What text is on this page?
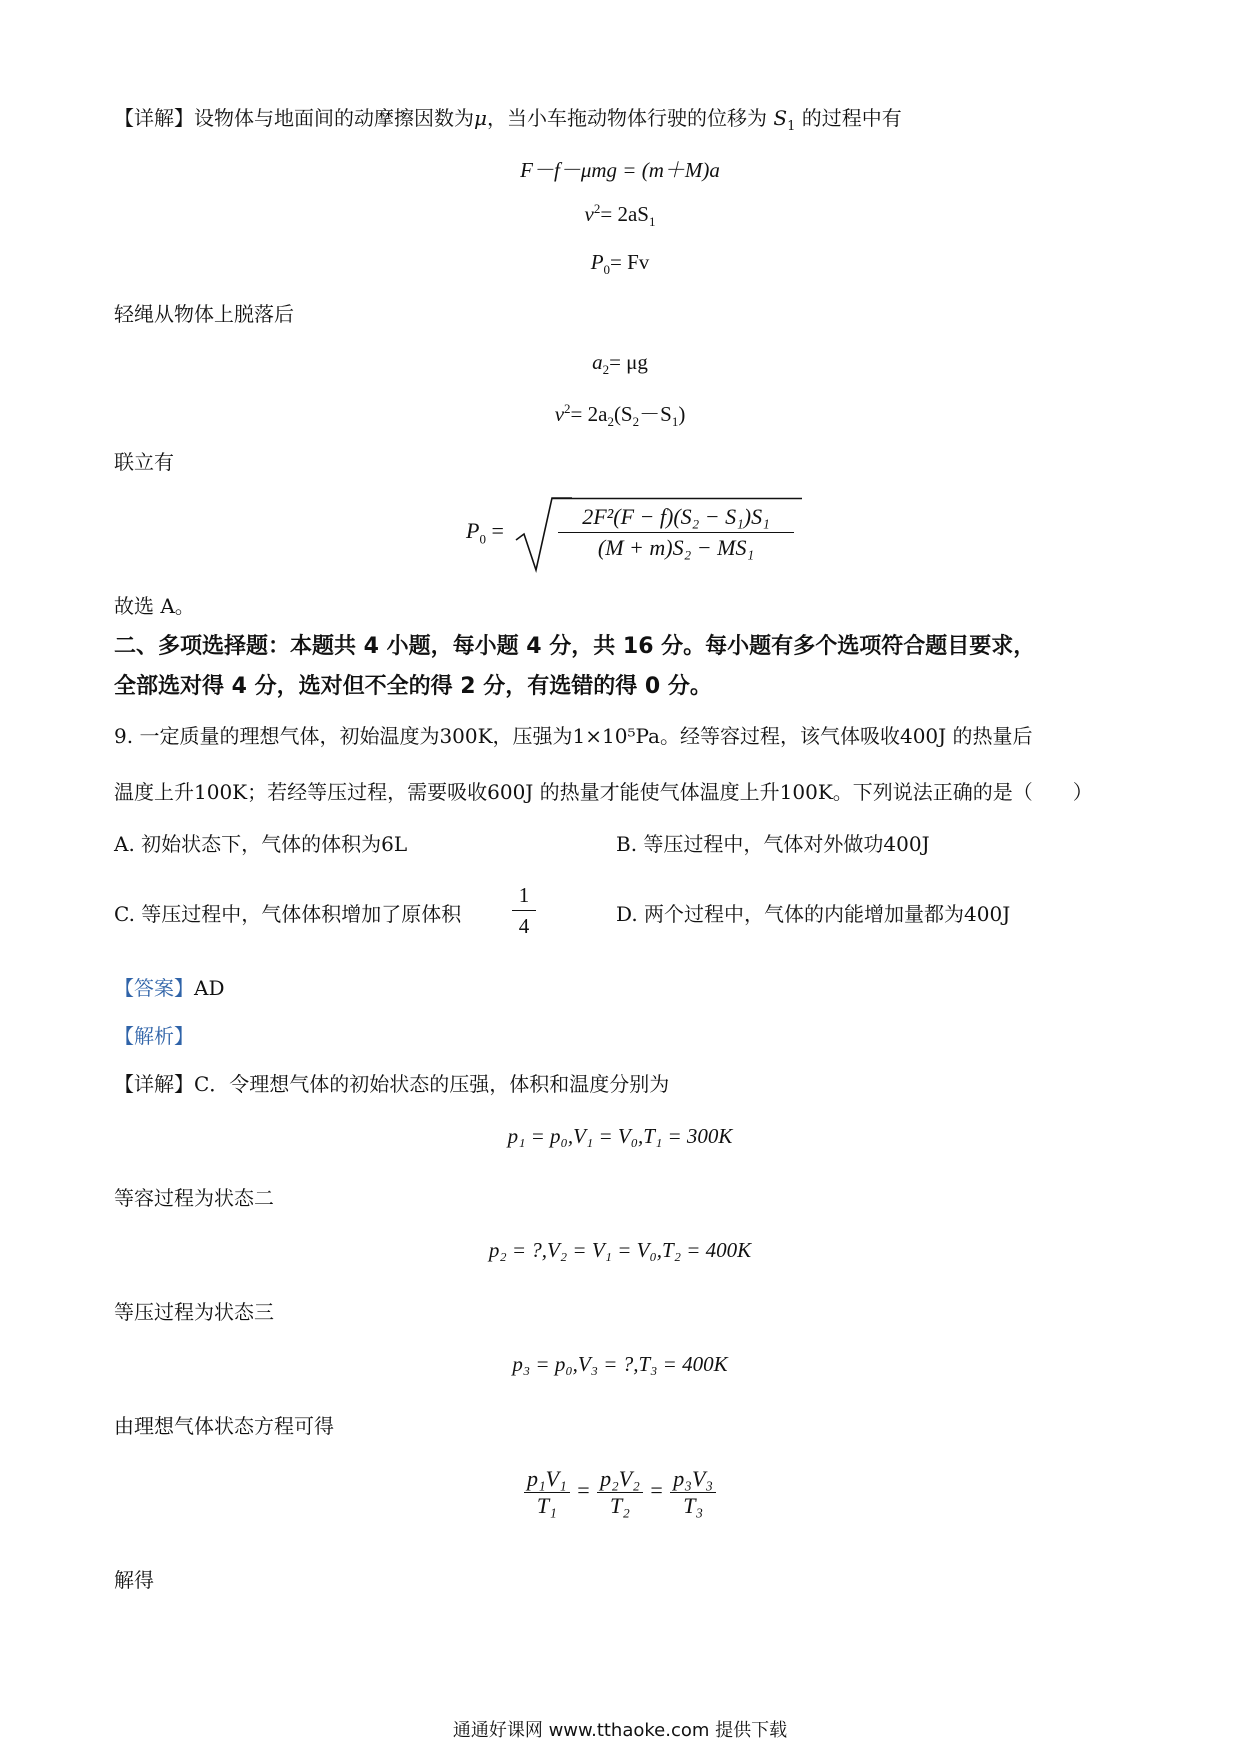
【详解】设物体与地面间的动摩擦因数为μ，当小车拖动物体行驶的位移为 $S_1$ 的过程中有
F－f－μmg = (m＋M)a
$v^2= 2aS_1$
$P_0= Fv$
轻绳从物体上脱落后
$a_2= \mu g$
$v^2= 2a_2(S_2-S_1)$
联立有
$P_0$ =
2F²(F − f)(S₂ − S₁)S₁
(M + m)S₂ − MS₁
故选 A。
二、多项选择题：本题共 4 小题，每小题 4 分，共 16 分。每小题有多个选项符合题目要求，
全部选对得 4 分，选对但不全的得 2 分，有选错的得 0 分。
9. 一定质量的理想气体，初始温度为300K，压强为1×10⁵Pa。经等容过程，该气体吸收400J 的热量后
温度上升100K；若经等压过程，需要吸收600J 的热量才能使气体温度上升100K。下列说法正确的是（　　）
A. 初始状态下，气体的体积为6L	B. 等压过程中，气体对外做功400J
C. 等压过程中，气体体积增加了原体积
1
4	D. 两个过程中，气体的内能增加量都为400J
【答案】AD
【解析】
【详解】C．令理想气体的初始状态的压强，体积和温度分别为
p₁ = p₀,V₁ = V₀,T₁ = 300K
等容过程为状态二
p₂ = ?,V₂ = V₁ = V₀,T₂ = 400K
等压过程为状态三
p₃ = p₀,V₃ = ?,T₃ = 400K
由理想气体状态方程可得
$\frac{\text{p₁V₁}}{\text{T₁}} = \frac{\text{p₂V₂}}{\text{T₂}} = \frac{\text{p₃V₃}}{\text{T₃}}$
解得
通通好课网 www.tthaoke.com 提供下载
